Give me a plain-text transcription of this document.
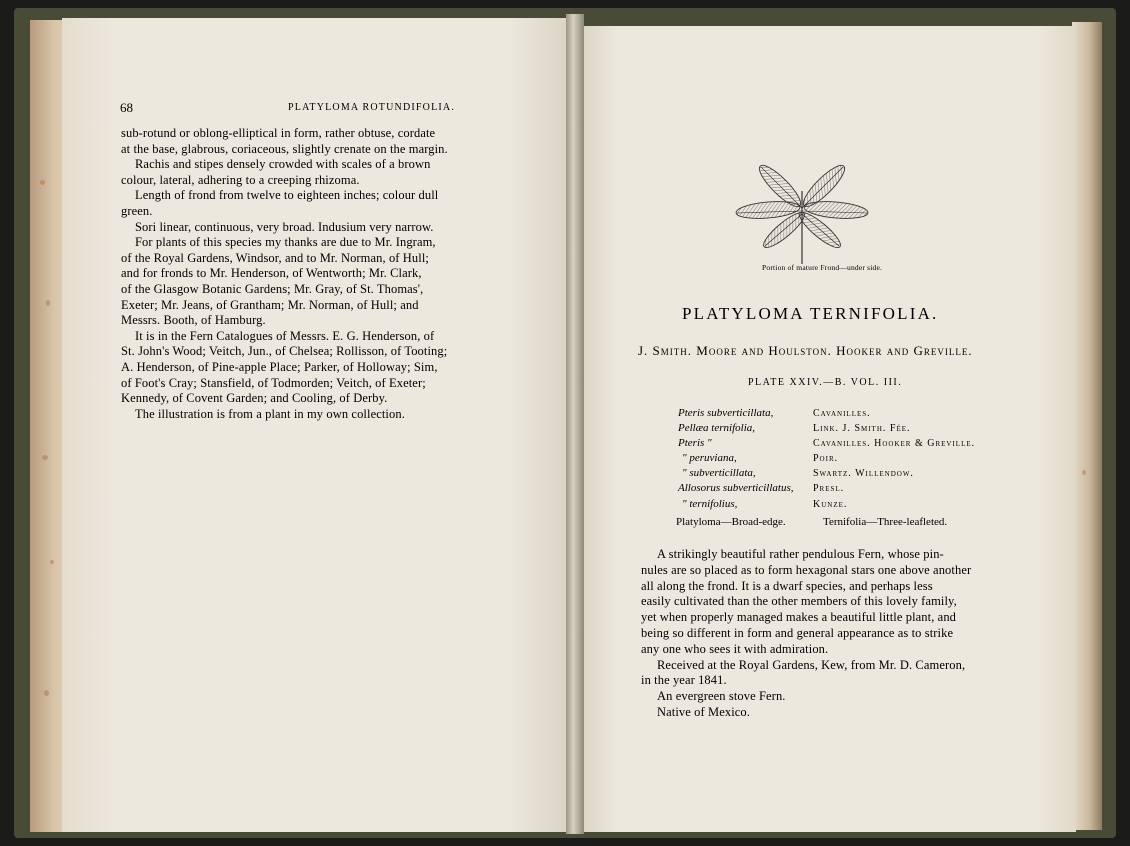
68	PLATYLOMA ROTUNDIFOLIA.
sub-rotund or oblong-elliptical in form, rather obtuse, cordate
at the base, glabrous, coriaceous, slightly crenate on the margin.
Rachis and stipes densely crowded with scales of a brown
colour, lateral, adhering to a creeping rhizoma.
Length of frond from twelve to eighteen inches; colour dull
green.
Sori linear, continuous, very broad. Indusium very narrow.
For plants of this species my thanks are due to Mr. Ingram,
of the Royal Gardens, Windsor, and to Mr. Norman, of Hull;
and for fronds to Mr. Henderson, of Wentworth; Mr. Clark,
of the Glasgow Botanic Gardens; Mr. Gray, of St. Thomas',
Exeter; Mr. Jeans, of Grantham; Mr. Norman, of Hull; and
Messrs. Booth, of Hamburg.
It is in the Fern Catalogues of Messrs. E. G. Henderson, of
St. John's Wood; Veitch, Jun., of Chelsea; Rollisson, of Tooting;
A. Henderson, of Pine-apple Place; Parker, of Holloway; Sim,
of Foot's Cray; Stansfield, of Todmorden; Veitch, of Exeter;
Kennedy, of Covent Garden; and Cooling, of Derby.
The illustration is from a plant in my own collection.
Portion of mature Frond—under side.
PLATYLOMA TERNIFOLIA.
J. Smith. Moore and Houlston. Hooker and Greville.
PLATE XXIV.—B. VOL. III.
Pteris subverticillata,
Pellæa ternifolia,
Pteris "
" peruviana,
" subverticillata,
Allosorus subverticillatus,
" ternifolius,
Cavanilles.
Link. J. Smith. Fée.
Cavanilles. Hooker & Greville.
Poir.
Swartz. Willendow.
Presl.
Kunze.
Platyloma—Broad-edge.	Ternifolia—Three-leafleted.
A strikingly beautiful rather pendulous Fern, whose pin-
nules are so placed as to form hexagonal stars one above another
all along the frond. It is a dwarf species, and perhaps less
easily cultivated than the other members of this lovely family,
yet when properly managed makes a beautiful little plant, and
being so different in form and general appearance as to strike
any one who sees it with admiration.
Received at the Royal Gardens, Kew, from Mr. D. Cameron,
in the year 1841.
An evergreen stove Fern.
Native of Mexico.
